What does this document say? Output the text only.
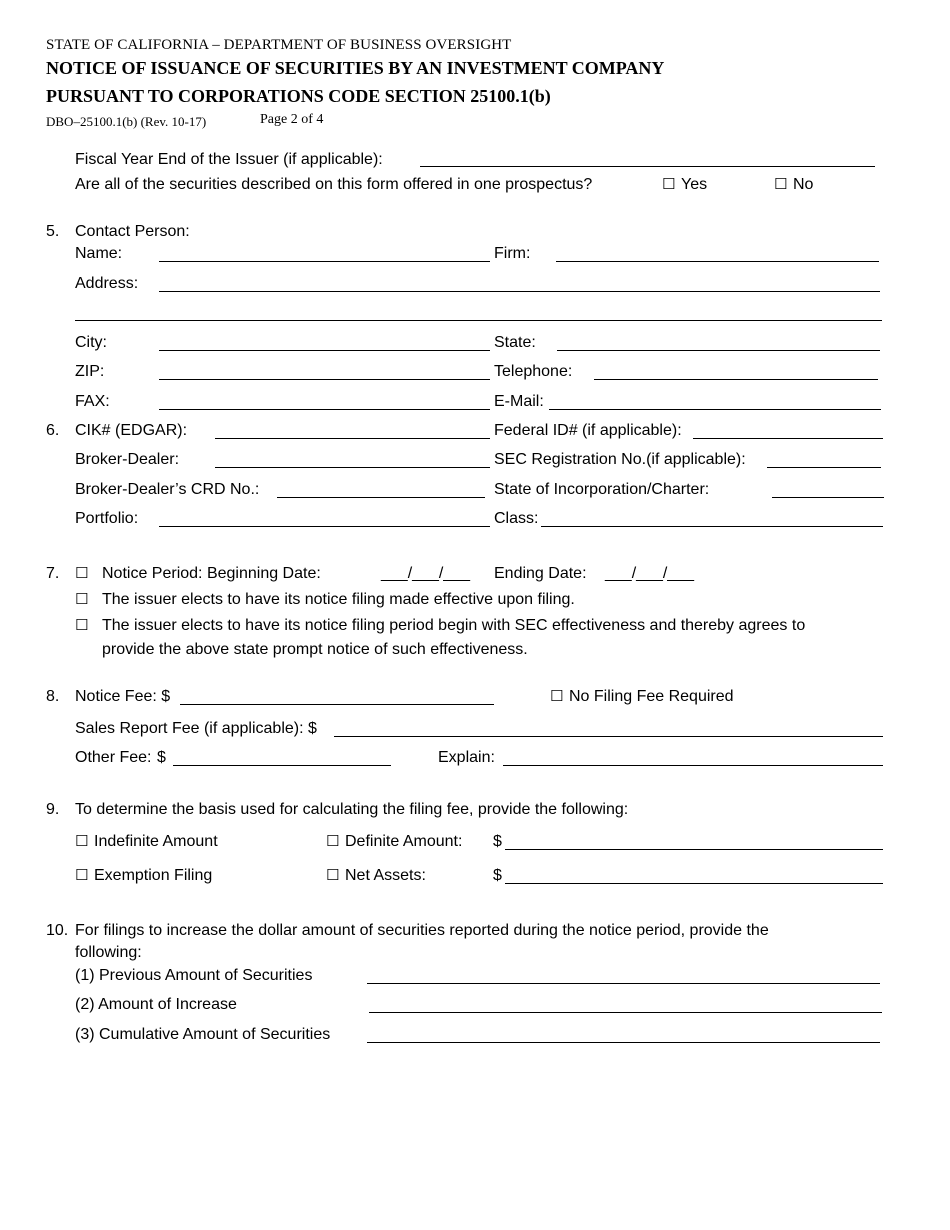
STATE OF CALIFORNIA – DEPARTMENT OF BUSINESS OVERSIGHT
NOTICE OF ISSUANCE OF SECURITIES BY AN INVESTMENT COMPANY
PURSUANT TO CORPORATIONS CODE SECTION 25100.1(b)
DBO–25100.1(b) (Rev. 10-17)	Page 2 of 4
Fiscal Year End of the Issuer (if applicable):
Are all of the securities described on this form offered in one prospectus?	☐ Yes	☐ No
5. Contact Person:
Name:	Firm:
Address:
City:	State:
ZIP:	Telephone:
FAX:	E-Mail:
6. CIK# (EDGAR):	Federal ID# (if applicable):
Broker-Dealer:	SEC Registration No.(if applicable):
Broker-Dealer’s CRD No.:	State of Incorporation/Charter:
Portfolio:	Class:
7. ☐ Notice Period: Beginning Date:	___/___/___ Ending Date: ___/___/___
☐ The issuer elects to have its notice filing made effective upon filing.
☐ The issuer elects to have its notice filing period begin with SEC effectiveness and thereby agrees to
provide the above state prompt notice of such effectiveness.
8. Notice Fee: $	☐ No Filing Fee Required
Sales Report Fee (if applicable): $
Other Fee: $	Explain:
9. To determine the basis used for calculating the filing fee, provide the following:
☐ Indefinite Amount	☐ Definite Amount: $
☐ Exemption Filing	☐ Net Assets:	$
10. For filings to increase the dollar amount of securities reported during the notice period, provide the
following:
(1) Previous Amount of Securities
(2) Amount of Increase
(3) Cumulative Amount of Securities
